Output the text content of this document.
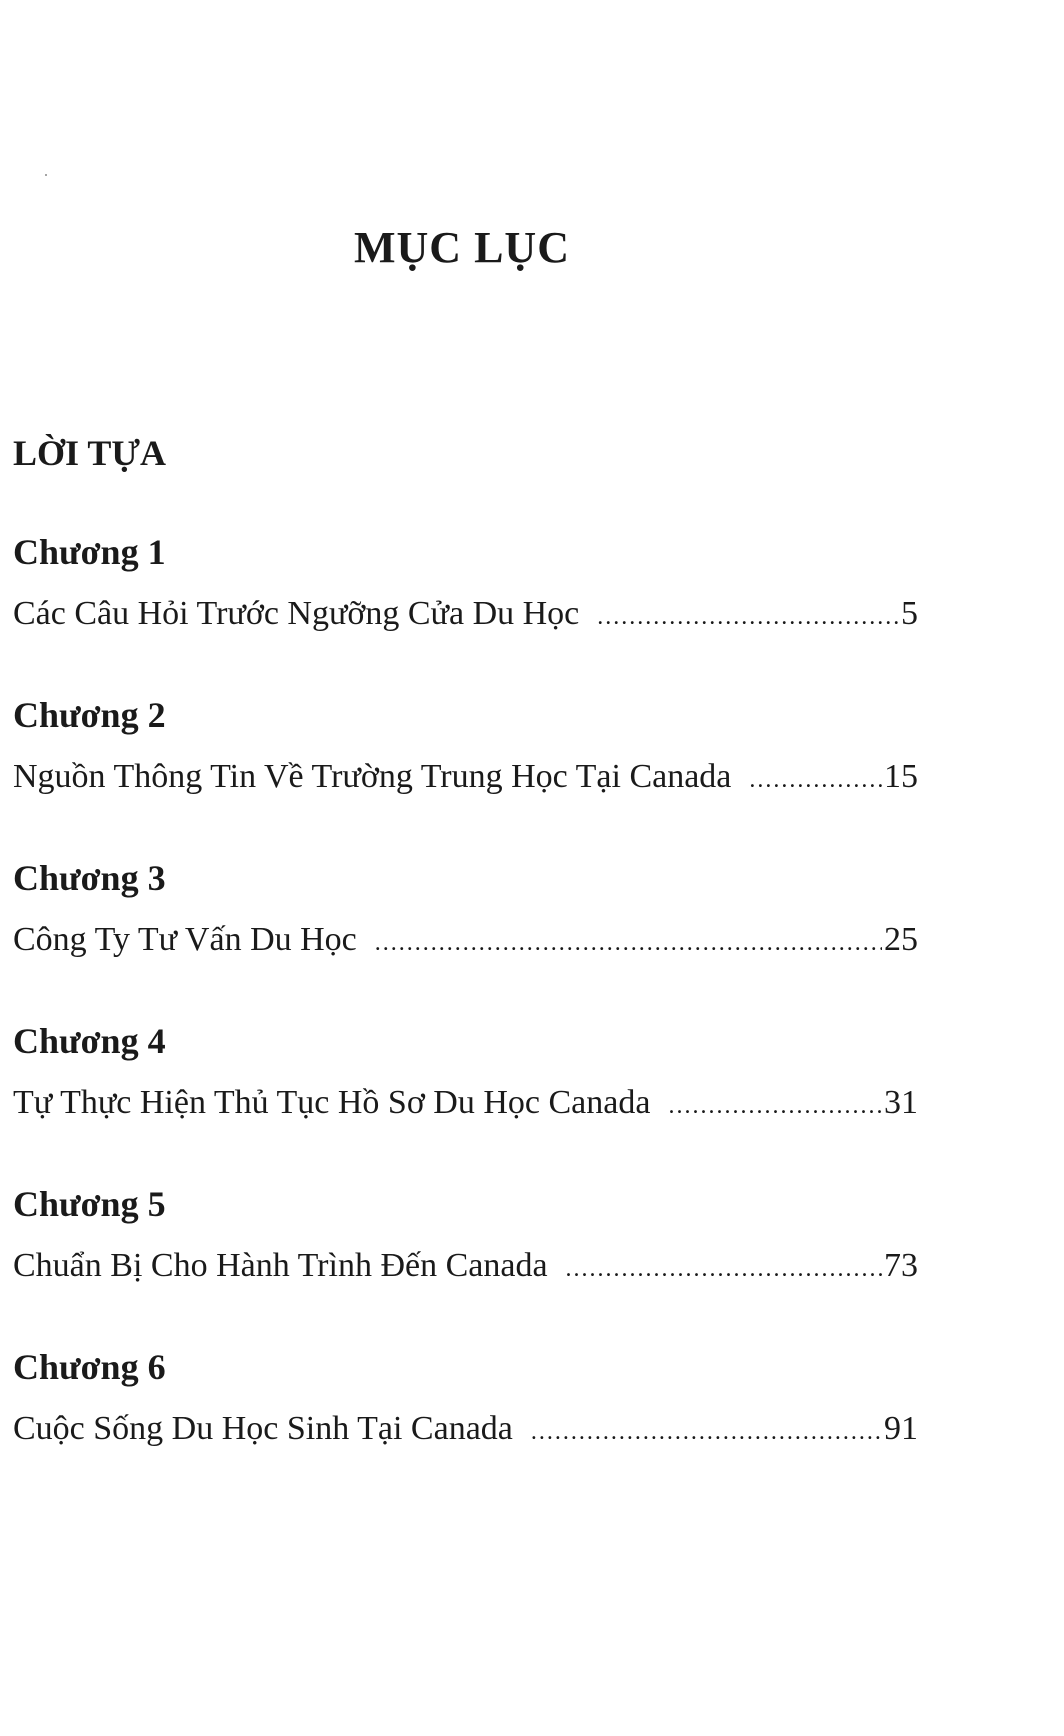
MỤC LỤC
LỜI TỰA
Chương 1
Các Câu Hỏi Trước Ngưỡng Cửa Du Học .....	5
Chương 2
Nguồn Thông Tin Về Trường Trung Học Tại Canada .....	15
Chương 3
Công Ty Tư Vấn Du Học .....	25
Chương 4
Tự Thực Hiện Thủ Tục Hồ Sơ Du Học Canada .....	31
Chương 5
Chuẩn Bị Cho Hành Trình Đến Canada .....	73
Chương 6
Cuộc Sống Du Học Sinh Tại Canada .....	91
